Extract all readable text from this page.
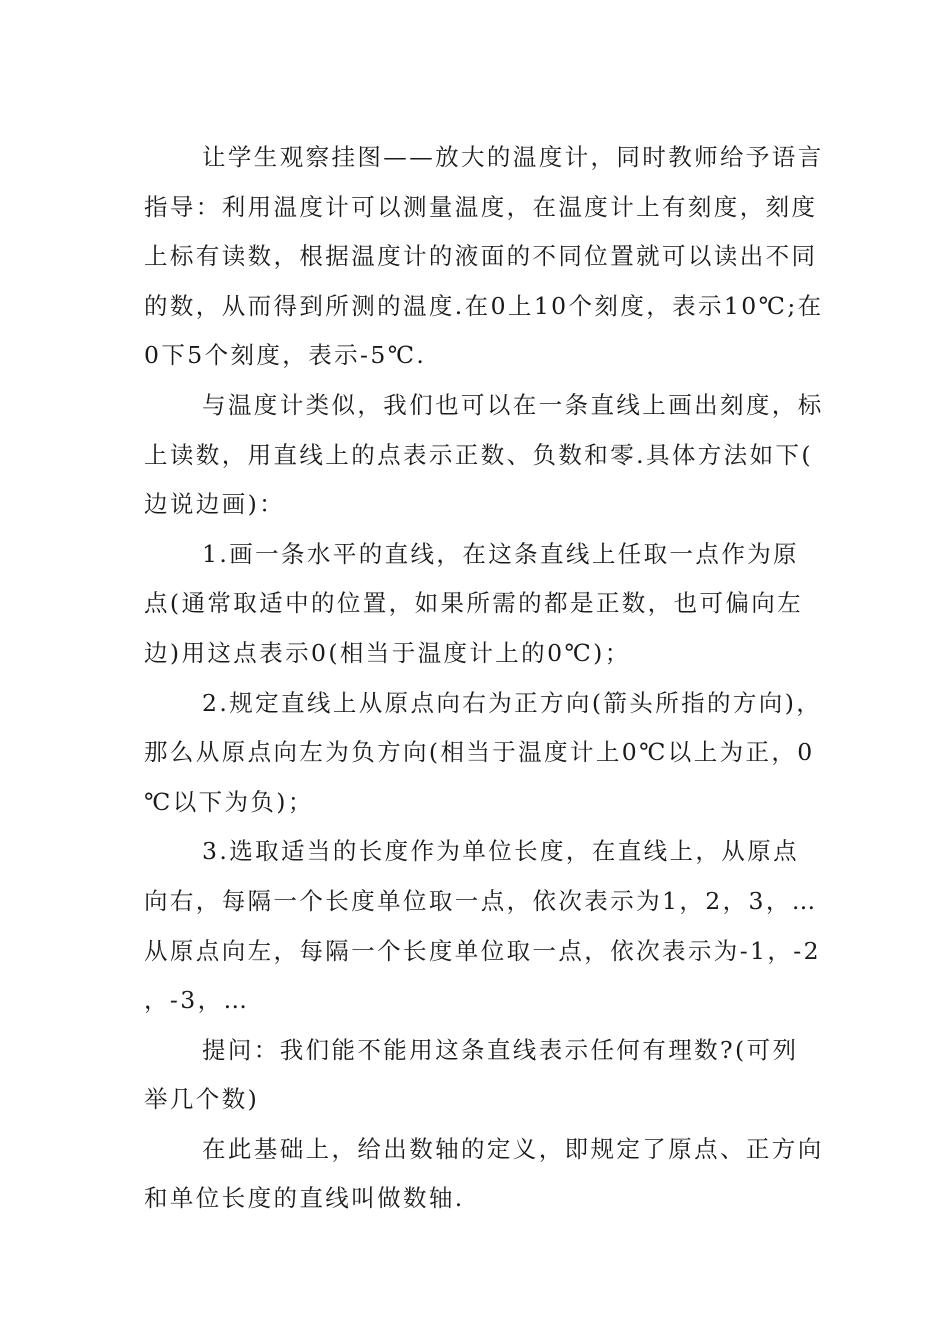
让学生观察挂图——放大的温度计，同时教师给予语言指导：利用温度计可以测量温度，在温度计上有刻度，刻度上标有读数，根据温度计的液面的不同位置就可以读出不同的数，从而得到所测的温度.在0上10个刻度，表示10℃;在0下5个刻度，表示-5℃.

与温度计类似，我们也可以在一条直线上画出刻度，标上读数，用直线上的点表示正数、负数和零.具体方法如下(边说边画)：

1.画一条水平的直线，在这条直线上任取一点作为原点(通常取适中的位置，如果所需的都是正数，也可偏向左边)用这点表示0(相当于温度计上的0℃)；

2.规定直线上从原点向右为正方向(箭头所指的方向)，那么从原点向左为负方向(相当于温度计上0℃以上为正，0℃以下为负)；

3.选取适当的长度作为单位长度，在直线上，从原点向右，每隔一个长度单位取一点，依次表示为1，2，3，…从原点向左，每隔一个长度单位取一点，依次表示为-1，-2，-3，…

提问：我们能不能用这条直线表示任何有理数?(可列举几个数)

在此基础上，给出数轴的定义，即规定了原点、正方向和单位长度的直线叫做数轴.
